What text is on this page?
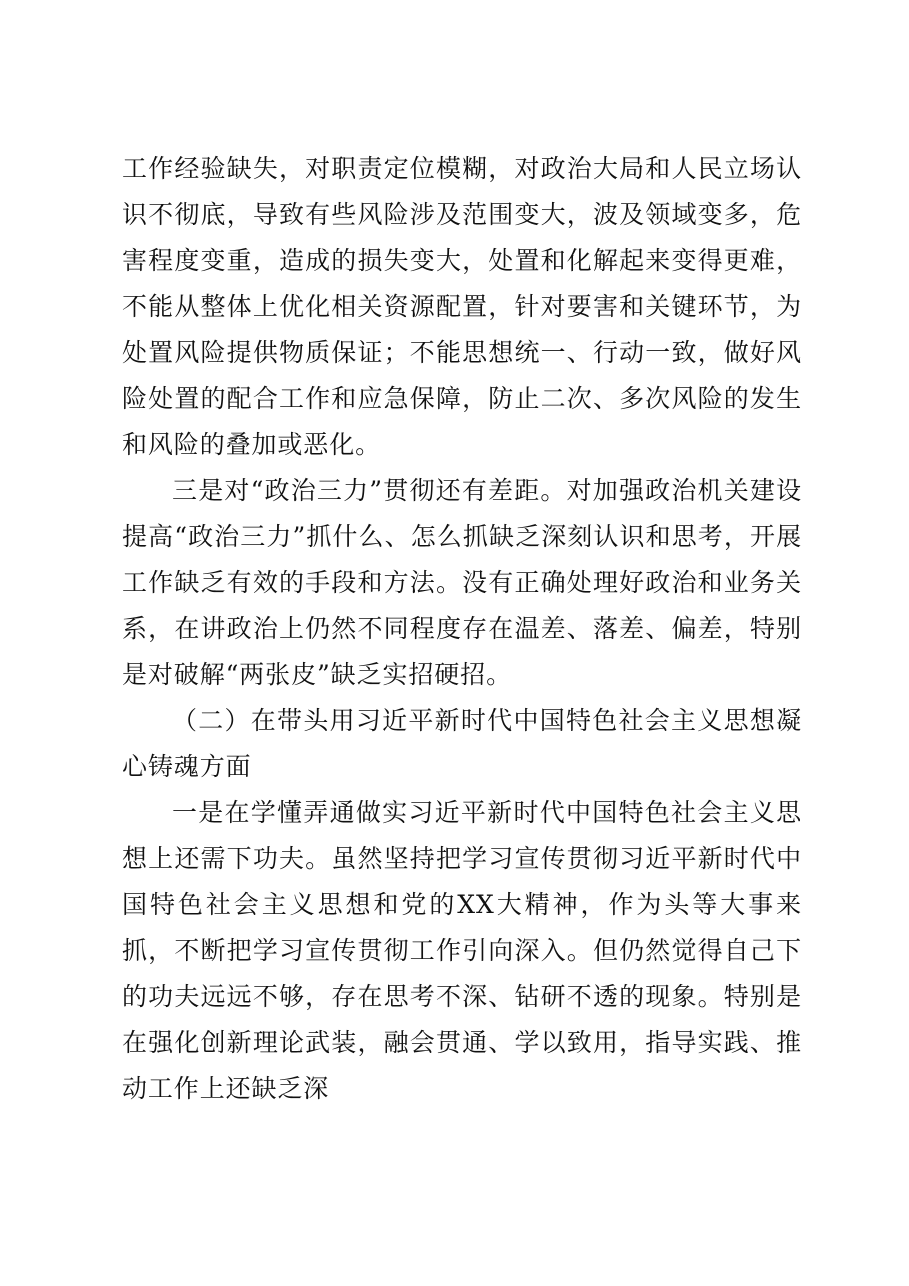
工作经验缺失，对职责定位模糊，对政治大局和人民立场认识不彻底，导致有些风险涉及范围变大，波及领域变多，危害程度变重，造成的损失变大，处置和化解起来变得更难，不能从整体上优化相关资源配置，针对要害和关键环节，为处置风险提供物质保证；不能思想统一、行动一致，做好风险处置的配合工作和应急保障，防止二次、多次风险的发生和风险的叠加或恶化。

三是对“政治三力”贯彻还有差距。对加强政治机关建设提高“政治三力”抓什么、怎么抓缺乏深刻认识和思考，开展工作缺乏有效的手段和方法。没有正确处理好政治和业务关系，在讲政治上仍然不同程度存在温差、落差、偏差，特别是对破解“两张皮”缺乏实招硬招。

（二）在带头用习近平新时代中国特色社会主义思想凝心铸魂方面

一是在学懂弄通做实习近平新时代中国特色社会主义思想上还需下功夫。虽然坚持把学习宣传贯彻习近平新时代中国特色社会主义思想和党的XX大精神，作为头等大事来抓，不断把学习宣传贯彻工作引向深入。但仍然觉得自己下的功夫远远不够，存在思考不深、钻研不透的现象。特别是在强化创新理论武装，融会贯通、学以致用，指导实践、推动工作上还缺乏深
